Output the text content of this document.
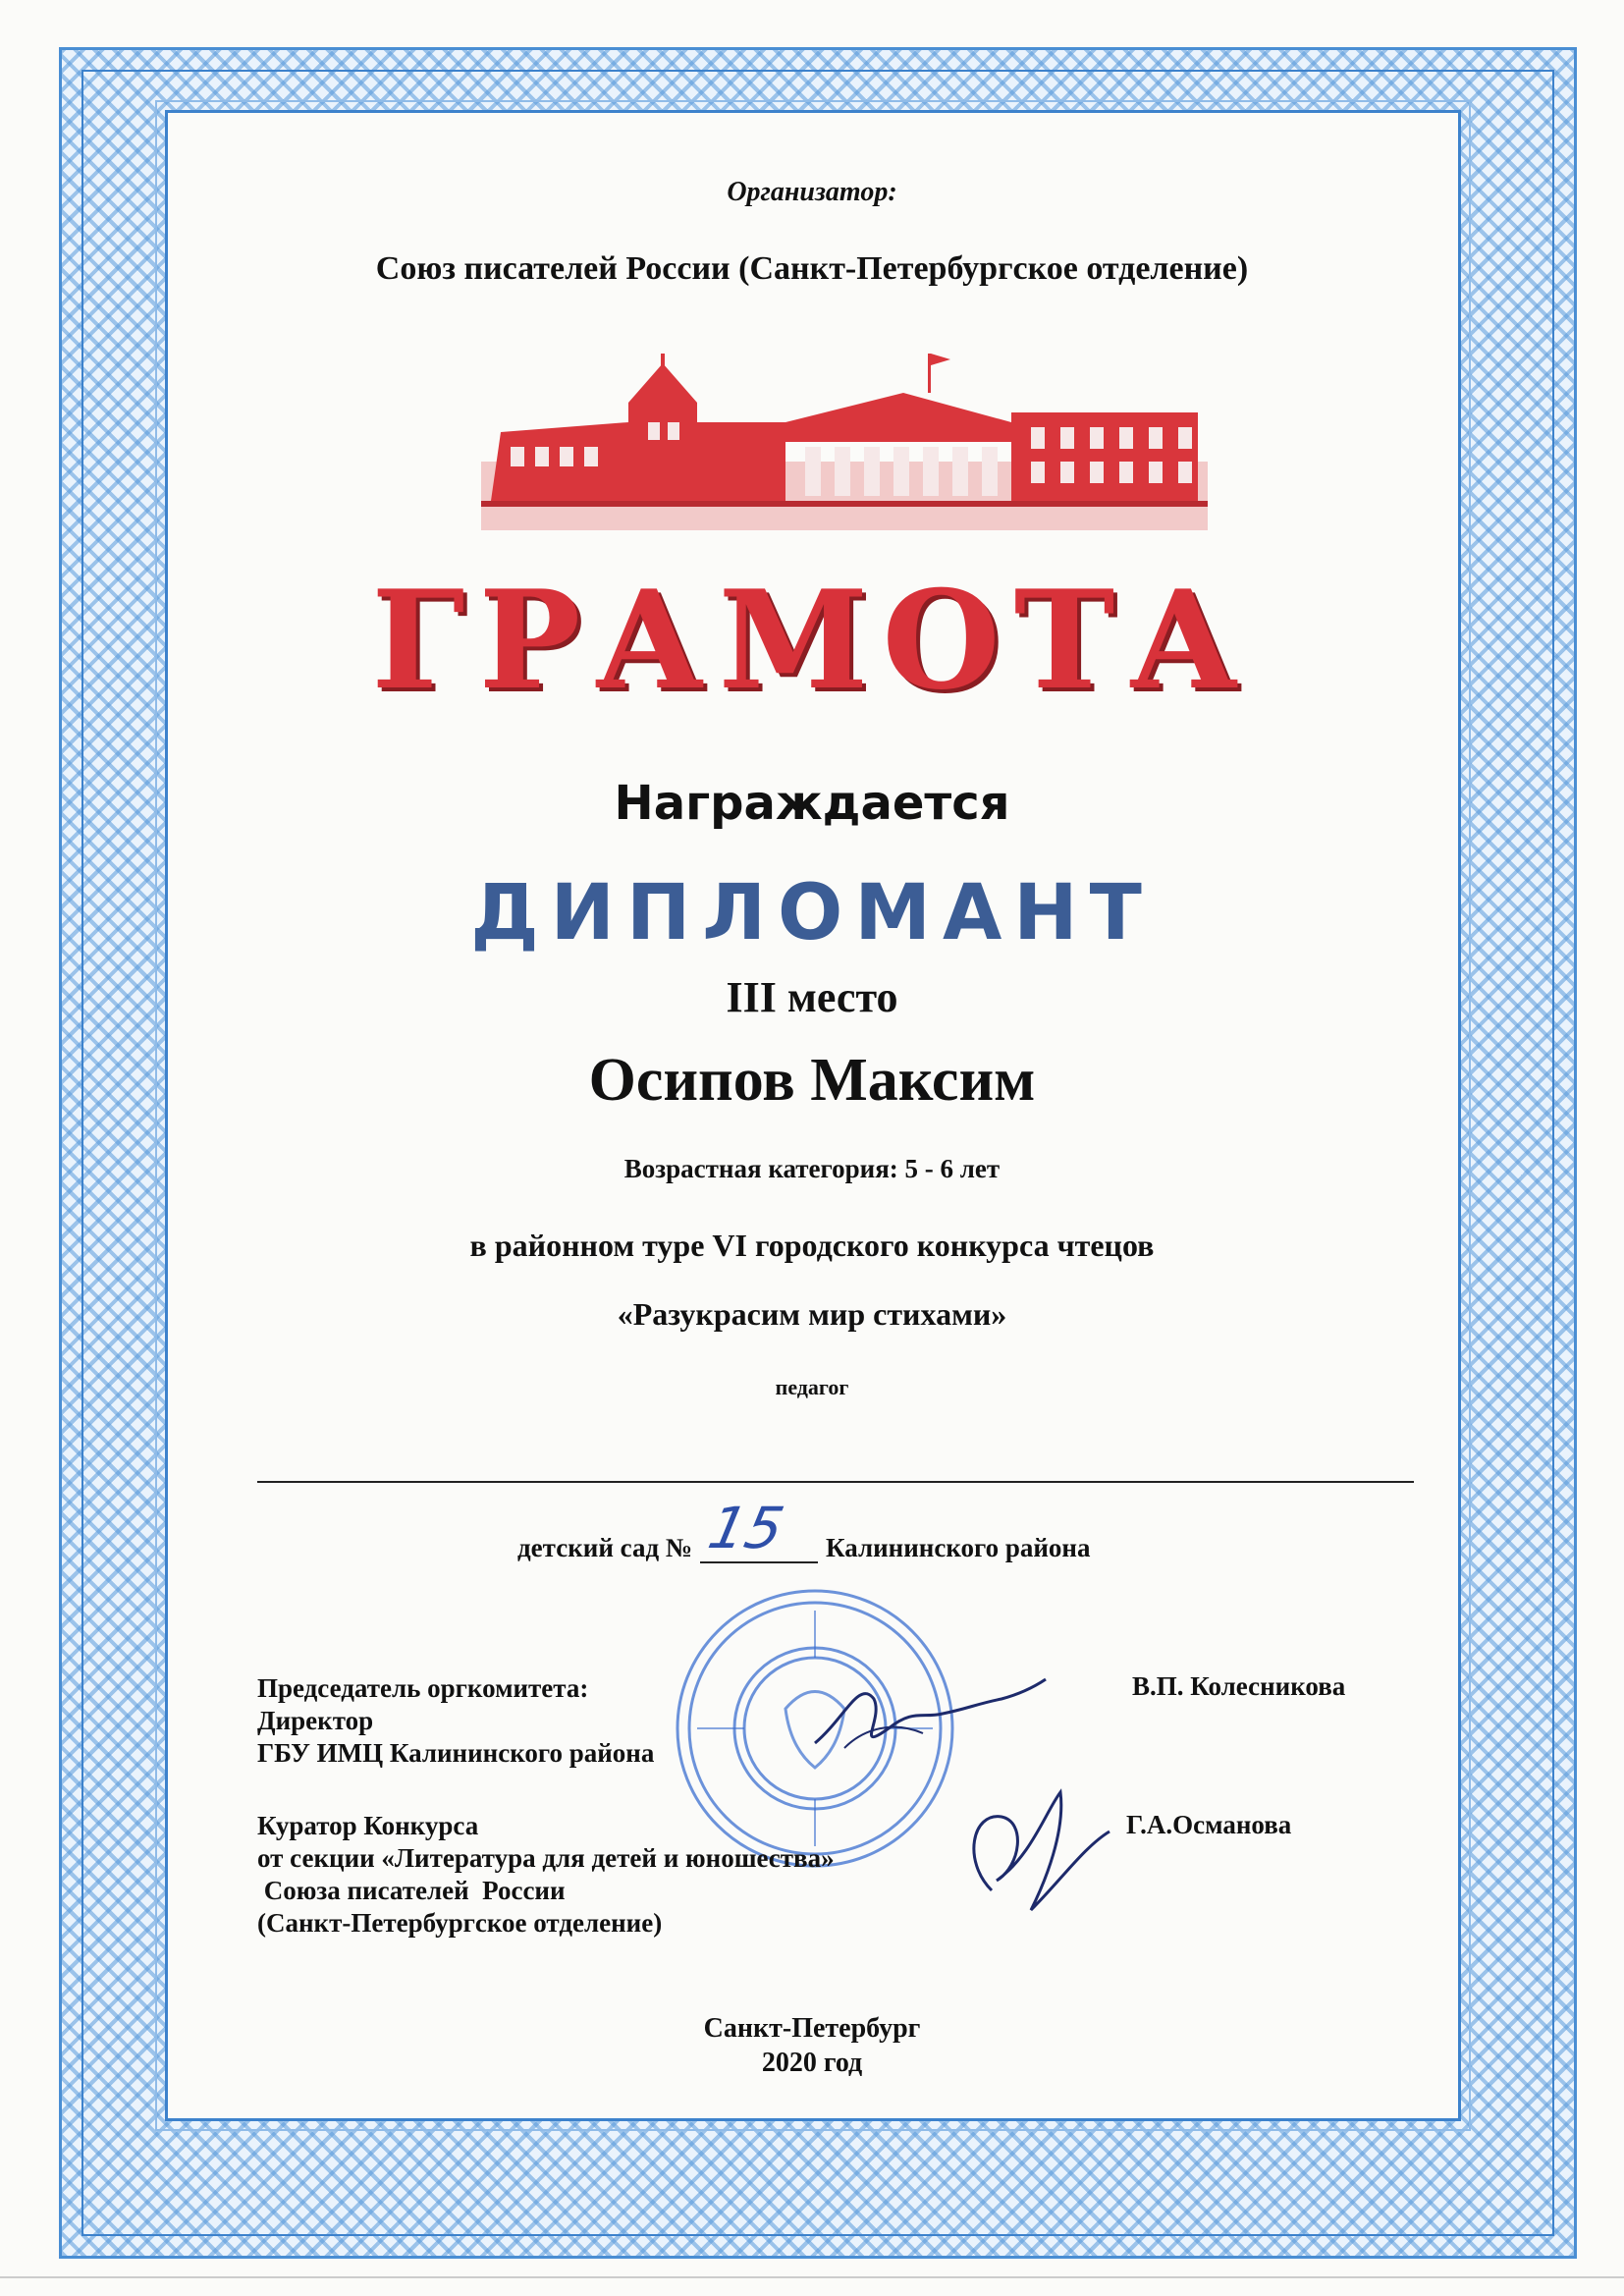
Организатор:
Союз писателей России (Санкт-Петербургское отделение)
ГРАМОТА
Награждается
ДИПЛОМАНТ
III место
Осипов Максим
Возрастная категория: 5 - 6 лет
в районном туре VI городского конкурса чтецов
«Разукрасим мир стихами»
педагог
детский сад № 15 Калининского района
Председатель оргкомитета:
Директор
ГБУ ИМЦ Калининского района
В.П. Колесникова
Куратор Конкурса
от секции «Литература для детей и юношества»
Союза писателей  России
(Санкт-Петербургское отделение)
Г.А.Османова
Санкт-Петербург
2020 год
